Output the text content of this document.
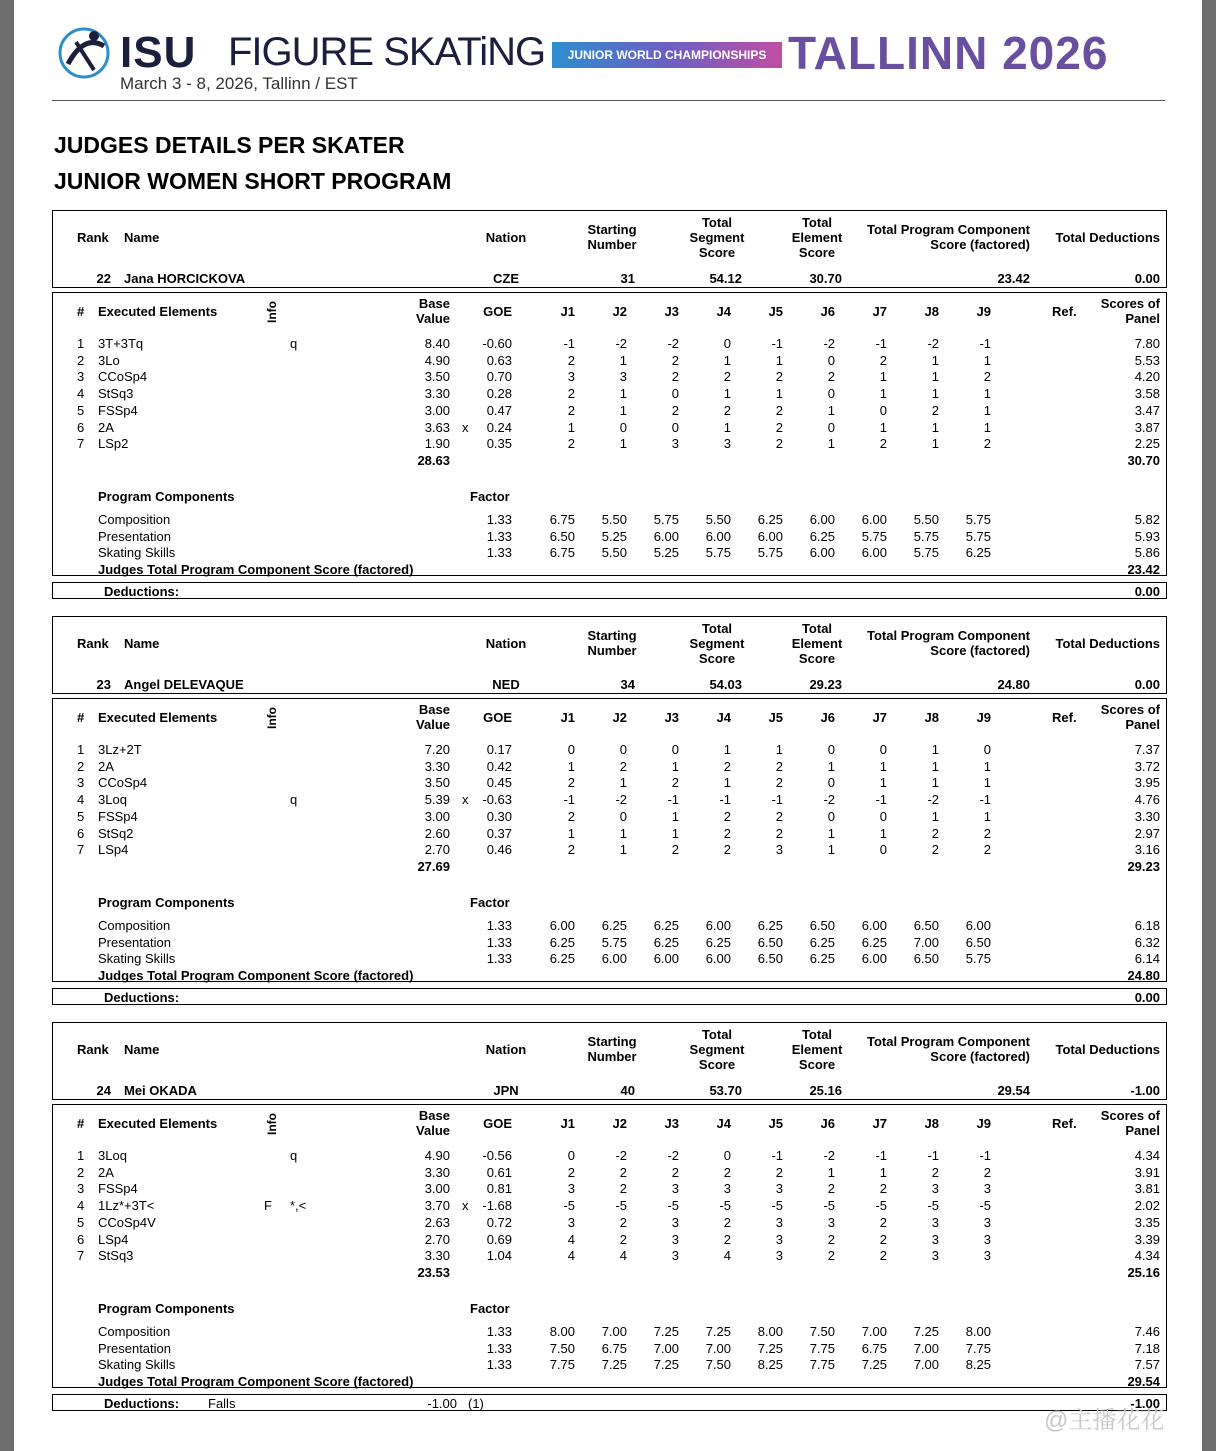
ISU FIGURE SKATiNG	JUNIOR WORLD CHAMPIONSHIPS TALLINN 2026
March 3 - 8, 2026, Tallinn / EST
JUDGES DETAILS PER SKATER
JUNIOR WOMEN SHORT PROGRAM
Rank Name	Nation
Starting
Number
Total
Segment
Score
Total
Element
Score
Total Program Component
Score (factored)	Total Deductions
22 Jana HORCICKOVA	CZE	31	54.12	30.70	23.42	0.00
# Executed Elements	Info	Base
Value	GOE	J1	J2	J3	J4	J5	J6	J7	J8	J9	Ref.
Scores of
Panel
1 3T+3Tq	q	8.40	-0.60	-1	-2	-2	0	-1	-2	-1	-2	-1	7.80
2 3Lo	4.90	0.63	2	1	2	1	1	0	2	1	1	5.53
3 CCoSp4	3.50	0.70	3	3	2	2	2	2	1	1	2	4.20
4 StSq3	3.30	0.28	2	1	0	1	1	0	1	1	1	3.58
5 FSSp4	3.00	0.47	2	1	2	2	2	1	0	2	1	3.47
6 2A	3.63 x	0.24	1	0	0	1	2	0	1	1	1	3.87
7 LSp2	1.90	0.35	2	1	3	3	2	1	2	1	2	2.25
28.63	30.70
Program Components	Factor
Composition	1.33	6.75	5.50	5.75	5.50	6.25	6.00	6.00	5.50	5.75	5.82
Presentation	1.33	6.50	5.25	6.00	6.00	6.00	6.25	5.75	5.75	5.75	5.93
Skating Skills	1.33	6.75	5.50	5.25	5.75	5.75	6.00	6.00	5.75	6.25	5.86
Judges Total Program Component Score (factored)	23.42
Deductions:	0.00
Rank Name	Nation
Starting
Number
Total
Segment
Score
Total
Element
Score
Total Program Component
Score (factored)	Total Deductions
23 Angel DELEVAQUE	NED	34	54.03	29.23	24.80	0.00
# Executed Elements	Info	Base
Value	GOE	J1	J2	J3	J4	J5	J6	J7	J8	J9	Ref.
Scores of
Panel
1 3Lz+2T	7.20	0.17	0	0	0	1	1	0	0	1	0	7.37
2 2A	3.30	0.42	1	2	1	2	2	1	1	1	1	3.72
3 CCoSp4	3.50	0.45	2	1	2	1	2	0	1	1	1	3.95
4 3Loq	q	5.39 x	-0.63	-1	-2	-1	-1	-1	-2	-1	-2	-1	4.76
5 FSSp4	3.00	0.30	2	0	1	2	2	0	0	1	1	3.30
6 StSq2	2.60	0.37	1	1	1	2	2	1	1	2	2	2.97
7 LSp4	2.70	0.46	2	1	2	2	3	1	0	2	2	3.16
27.69	29.23
Program Components	Factor
Composition	1.33	6.00	6.25	6.25	6.00	6.25	6.50	6.00	6.50	6.00	6.18
Presentation	1.33	6.25	5.75	6.25	6.25	6.50	6.25	6.25	7.00	6.50	6.32
Skating Skills	1.33	6.25	6.00	6.00	6.00	6.50	6.25	6.00	6.50	5.75	6.14
Judges Total Program Component Score (factored)	24.80
Deductions:	0.00
Rank Name	Nation
Starting
Number
Total
Segment
Score
Total
Element
Score
Total Program Component
Score (factored)	Total Deductions
24 Mei OKADA	JPN	40	53.70	25.16	29.54	-1.00
# Executed Elements	Info	Base
Value	GOE	J1	J2	J3	J4	J5	J6	J7	J8	J9	Ref.
Scores of
Panel
1 3Loq	q	4.90	-0.56	0	-2	-2	0	-1	-2	-1	-1	-1	4.34
2 2A	3.30	0.61	2	2	2	2	2	1	1	2	2	3.91
3 FSSp4	3.00	0.81	3	2	3	3	3	2	2	3	3	3.81
4 1Lz*+3T<	F *,<	3.70 x	-1.68	-5	-5	-5	-5	-5	-5	-5	-5	-5	2.02
5 CCoSp4V	2.63	0.72	3	2	3	2	3	3	2	3	3	3.35
6 LSp4	2.70	0.69	4	2	3	2	3	2	2	3	3	3.39
7 StSq3	3.30	1.04	4	4	3	4	3	2	2	3	3	4.34
23.53	25.16
Program Components	Factor
Composition	1.33	8.00	7.00	7.25	7.25	8.00	7.50	7.00	7.25	8.00	7.46
Presentation	1.33	7.50	6.75	7.00	7.00	7.25	7.75	6.75	7.00	7.75	7.18
Skating Skills	1.33	7.75	7.25	7.25	7.50	8.25	7.75	7.25	7.00	8.25	7.57
Judges Total Program Component Score (factored)	29.54
Deductions: Falls	-1.00 (1)	-1.00
@主播花花
